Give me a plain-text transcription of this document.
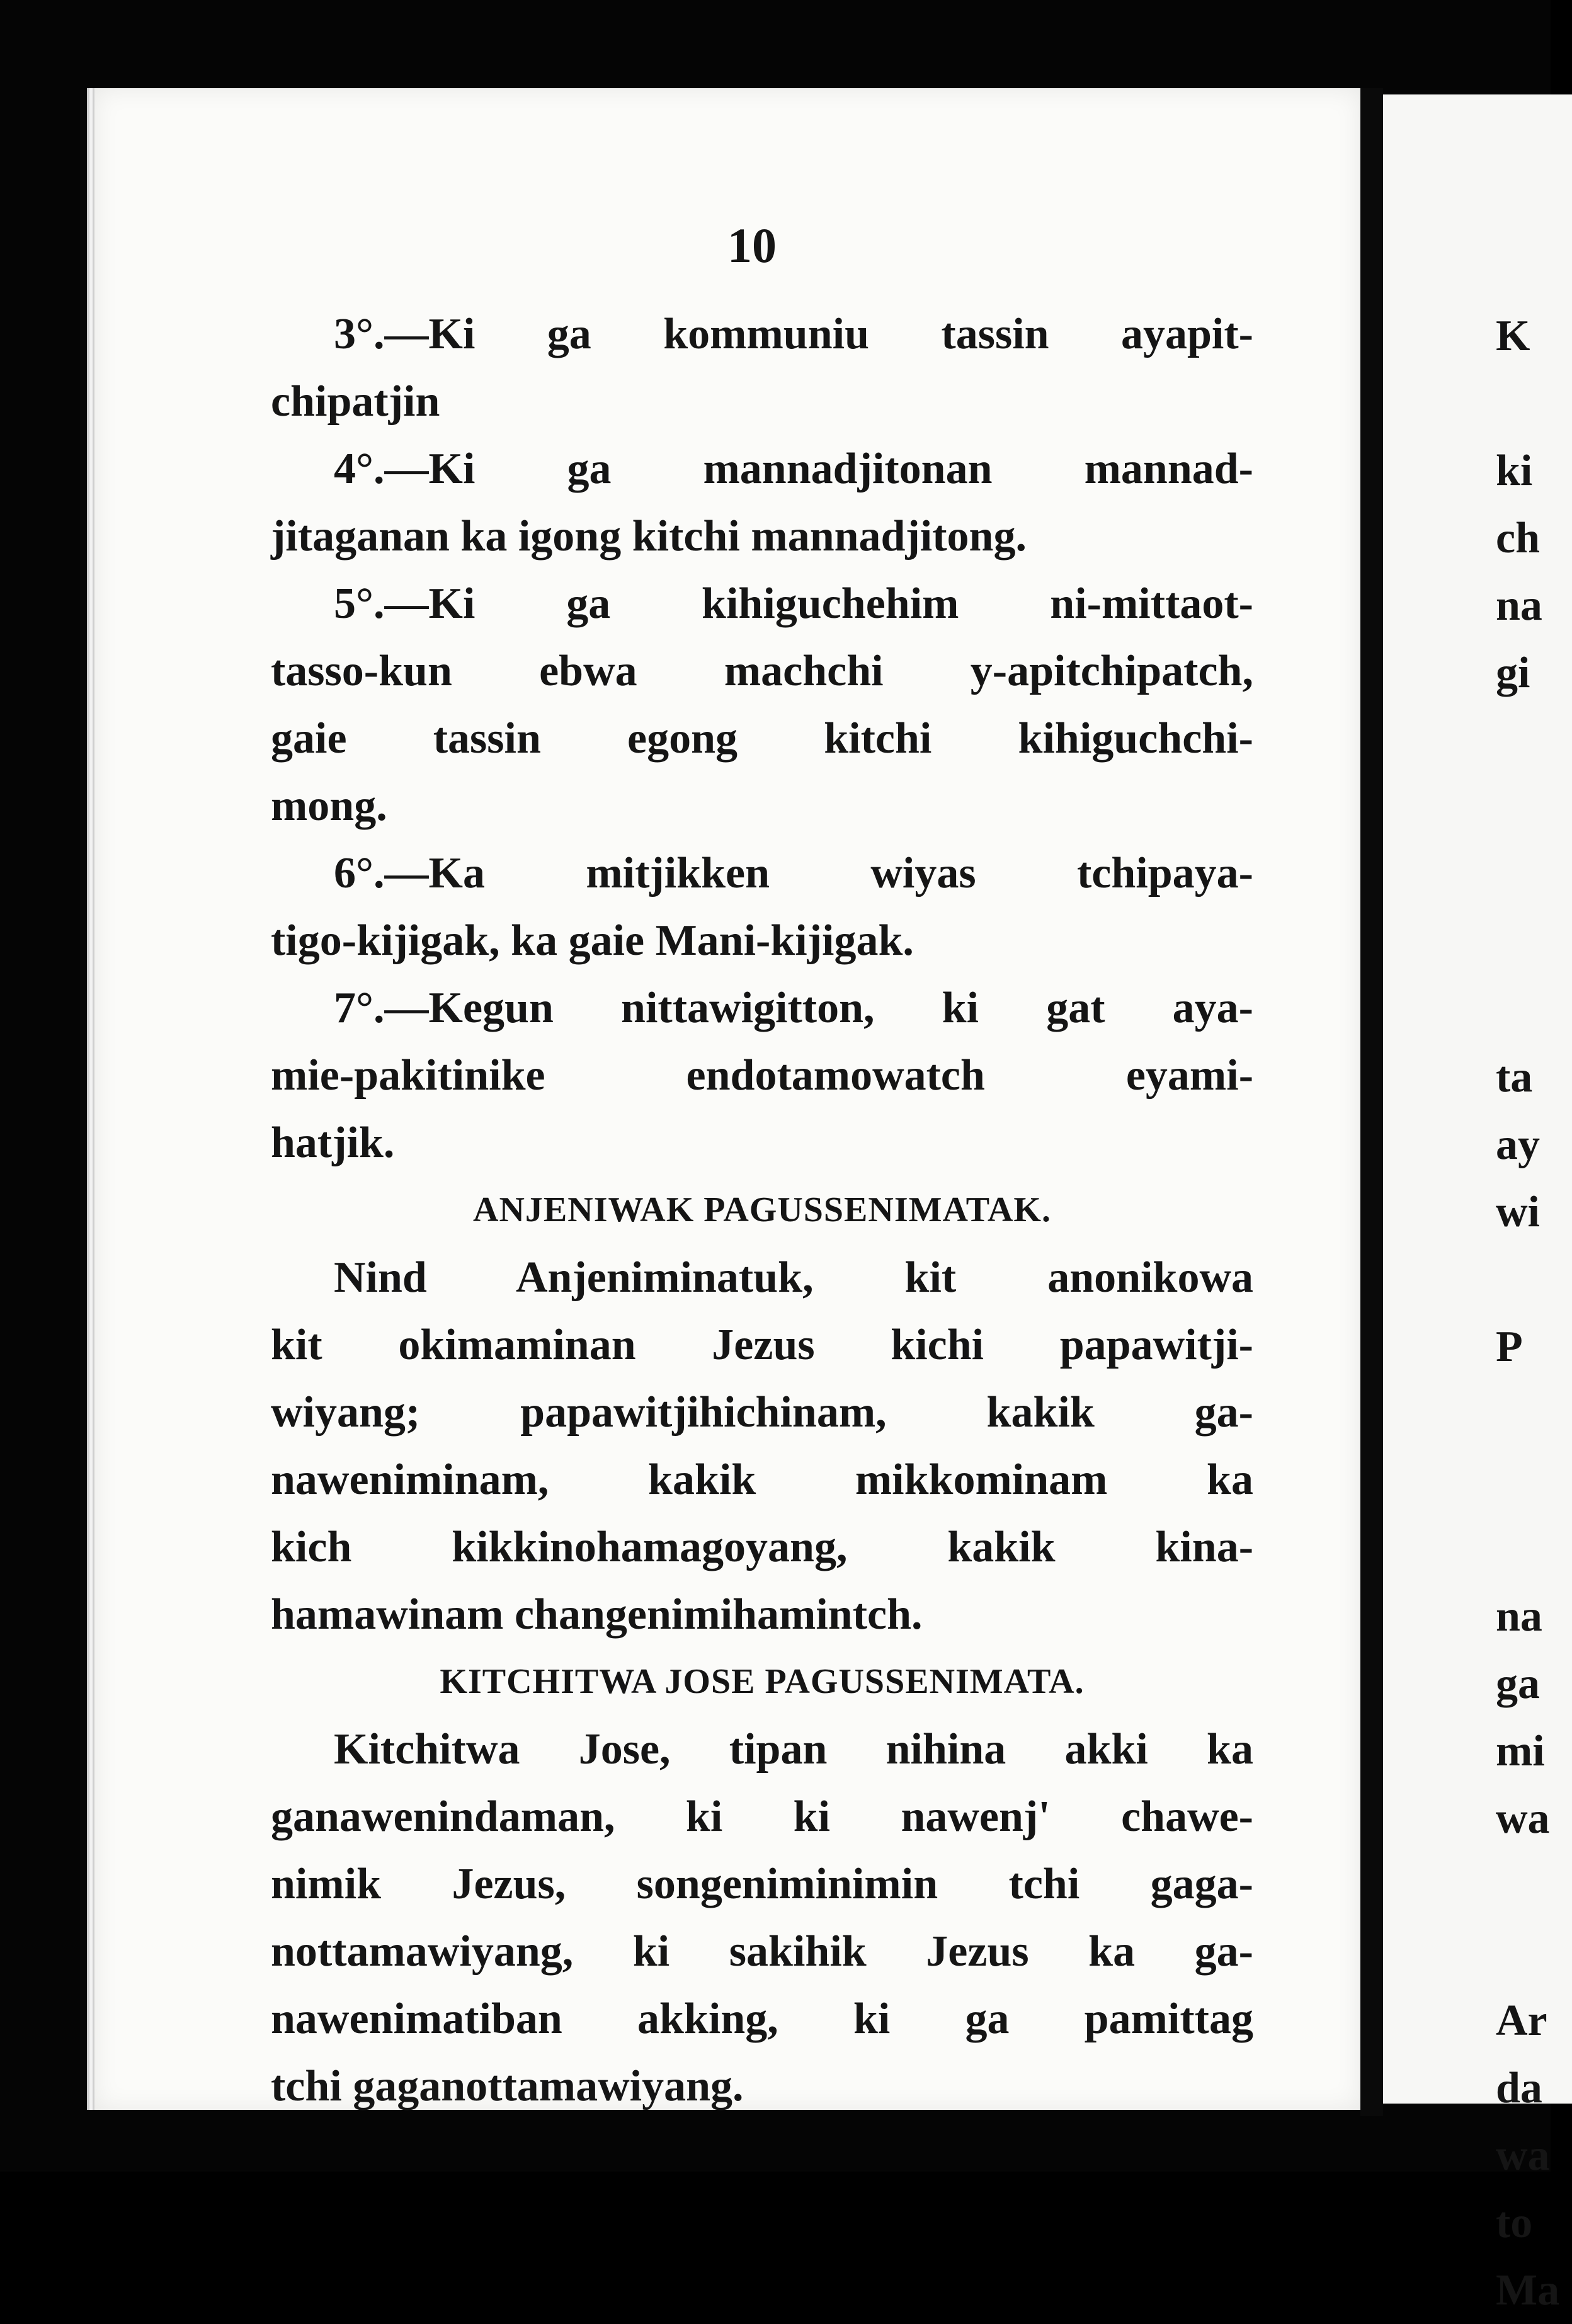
10
3°.—Ki ga kommuniu tassin ayapit-
chipatjin
4°.—Ki ga mannadjitonan mannad-
jitaganan ka igong kitchi mannadjitong.
5°.—Ki ga kihiguchehim ni-mittaot-
tasso-kun ebwa machchi y-apitchipatch,
gaie tassin egong kitchi kihiguchchi-
mong.
6°.—Ka mitjikken wiyas tchipaya-
tigo-kijigak, ka gaie Mani-kijigak.
7°.—Kegun nittawigitton, ki gat aya-
mie-pakitinike endotamowatch eyami-
hatjik.
ANJENIWAK PAGUSSENIMATAK.
Nind Anjeniminatuk, kit anonikowa
kit okimaminan Jezus kichi papawitji-
wiyang; papawitjihichinam, kakik ga-
naweniminam, kakik mikkominam ka
kich kikkinohamagoyang, kakik kina-
hamawinam changenimihamintch.
KITCHITWA JOSE PAGUSSENIMATA.
Kitchitwa Jose, tipan nihina akki ka
ganawenindaman, ki ki nawenj' chawe-
nimik Jezus, songeniminimin tchi gaga-
nottamawiyang, ki sakihik Jezus ka ga-
nawenimatiban akking, ki ga pamittag
tchi gaganottamawiyang.
K
ki
ch
na
gi
ta
ay
wi
P
na
ga
mi
wa
Ar
da
wa
to
Ma
